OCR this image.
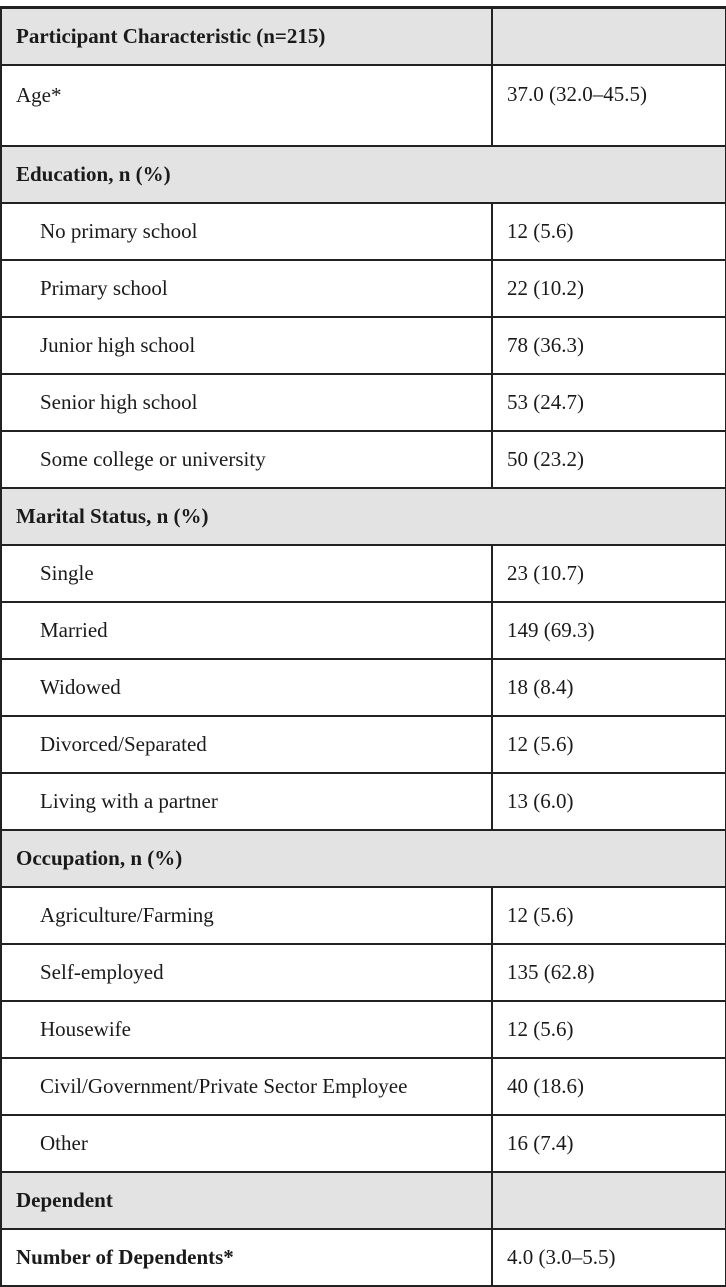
Participant Characteristic (n=215)	
Age*	37.0 (32.0–45.5)
Education, n (%)	
No primary school	12 (5.6)
Primary school	22 (10.2)
Junior high school	78 (36.3)
Senior high school	53 (24.7)
Some college or university	50 (23.2)
Marital Status, n (%)	
Single	23 (10.7)
Married	149 (69.3)
Widowed	18 (8.4)
Divorced/Separated	12 (5.6)
Living with a partner	13 (6.0)
Occupation, n (%)	
Agriculture/Farming	12 (5.6)
Self-employed	135 (62.8)
Housewife	12 (5.6)
Civil/Government/Private Sector Employee	40 (18.6)
Other	16 (7.4)
Dependent	
Number of Dependents*	4.0 (3.0–5.5)
